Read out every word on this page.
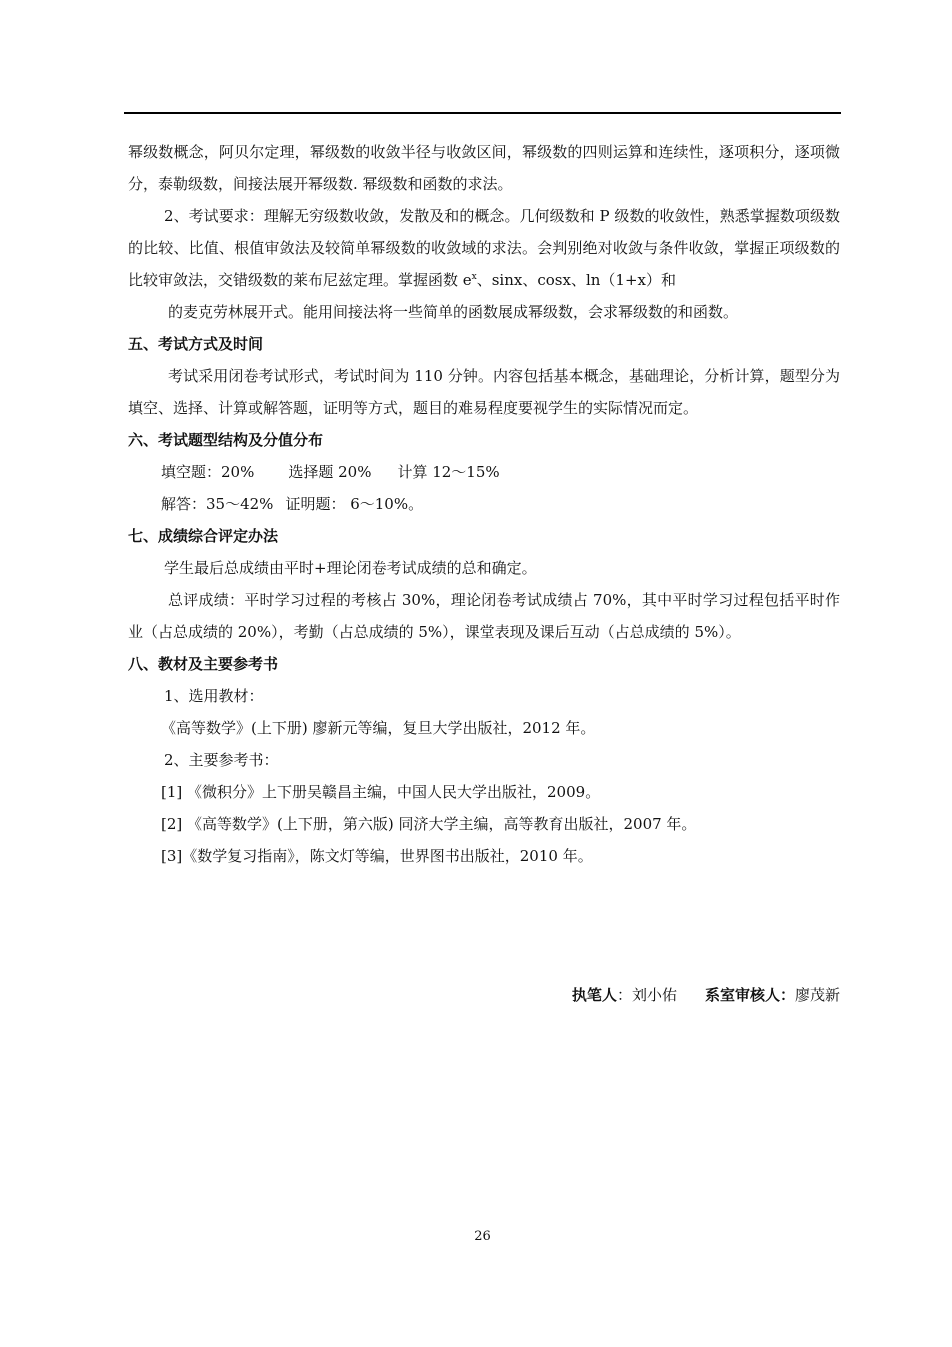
幂级数概念，阿贝尔定理，幂级数的收敛半径与收敛区间，幂级数的四则运算和连续性，逐项积分，逐项微分，泰勒级数，间接法展开幂级数. 幂级数和函数的求法。

2、考试要求：理解无穷级数收敛，发散及和的概念。几何级数和 P 级数的收敛性，熟悉掌握数项级数的比较、比值、根值审敛法及较简单幂级数的收敛域的求法。会判别绝对收敛与条件收敛，掌握正项级数的比较审敛法，交错级数的莱布尼兹定理。掌握函数 $e^x$、sinx、cosx、ln（1+x）和

的麦克劳林展开式。能用间接法将一些简单的函数展成幂级数，会求幂级数的和函数。

五、考试方式及时间

考试采用闭卷考试形式，考试时间为 110 分钟。内容包括基本概念，基础理论，分析计算，题型分为填空、选择、计算或解答题，证明等方式，题目的难易程度要视学生的实际情况而定。

六、考试题型结构及分值分布

填空题：20% 选择题 20% 计算 12～15%

解答：35～42% 证明题： 6～10%。

七、成绩综合评定办法

学生最后总成绩由平时+理论闭卷考试成绩的总和确定。

总评成绩：平时学习过程的考核占 30%，理论闭卷考试成绩占 70%，其中平时学习过程包括平时作业（占总成绩的 20%），考勤（占总成绩的 5%），课堂表现及课后互动（占总成绩的 5%）。

八、教材及主要参考书

1、选用教材：

《高等数学》(上下册) 廖新元等编，复旦大学出版社，2012 年。

2、主要参考书：

[1] 《微积分》上下册吴赣昌主编，中国人民大学出版社，2009。

[2] 《高等数学》(上下册，第六版) 同济大学主编，高等教育出版社，2007 年。

[3]《数学复习指南》，陈文灯等编，世界图书出版社，2010 年。

执笔人：刘小佑 系室审核人：廖茂新
26
